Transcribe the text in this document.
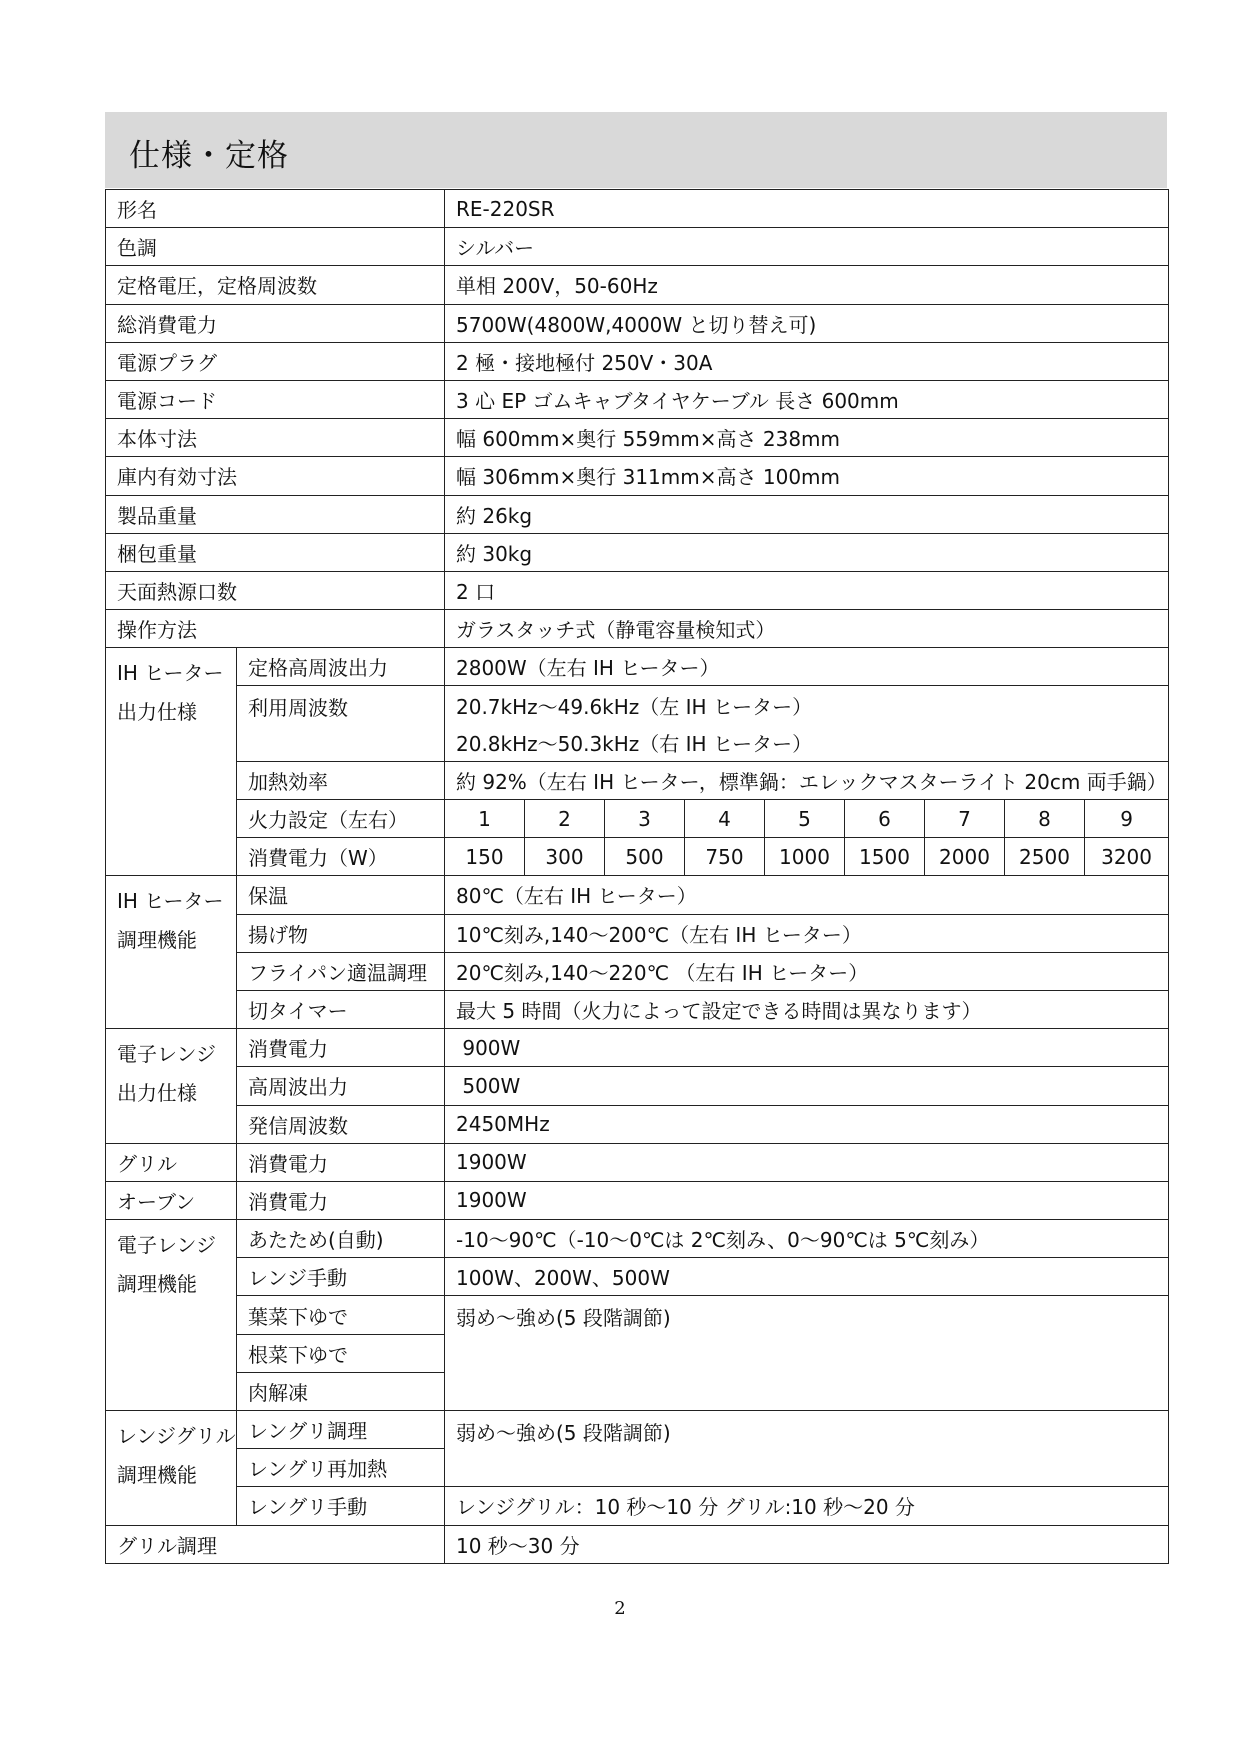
仕様・定格
形名		RE-220SR								
色調		シルバー								
定格電圧，定格周波数		単相 200V，50-60Hz								
総消費電力		5700W(4800W,4000W と切り替え可)								
電源プラグ		2 極・接地極付 250V・30A								
電源コード		3 心 EP ゴムキャブタイヤケーブル 長さ 600mm								
本体寸法		幅 600mm×奥行 559mm×高さ 238mm								
庫内有効寸法		幅 306mm×奥行 311mm×高さ 100mm								
製品重量		約 26kg								
梱包重量		約 30kg								
天面熱源口数		2 口								
操作方法		ガラスタッチ式（静電容量検知式）								

IH ヒーター
出力仕様	定格高周波出力	2800W（左右 IH ヒーター）								
	利用周波数	20.7kHz～49.6kHz（左 IH ヒーター）								
		20.8kHz～50.3kHz（右 IH ヒーター）								
	加熱効率	約 92%（左右 IH ヒーター，標準鍋：エレックマスターライト 20cm 両手鍋）								
	火力設定（左右）	1	2	3	4	5	6	7	8	9
	消費電力（W）	150	300	500	750	1000	1500	2000	2500	3200

IH ヒーター
調理機能	保温	80℃（左右 IH ヒーター）								
	揚げ物	10℃刻み,140～200℃（左右 IH ヒーター）								
	フライパン適温調理	20℃刻み,140～220℃ （左右 IH ヒーター）								
	切タイマー	最大 5 時間（火力によって設定できる時間は異なります）								

電子レンジ
出力仕様	消費電力	900W								
	高周波出力	500W								
	発信周波数	2450MHz								
グリル	消費電力	1900W								
オーブン	消費電力	1900W								

電子レンジ
調理機能	あたため(自動)	-10～90℃（-10～0℃は 2℃刻み、0～90℃は 5℃刻み）								
	レンジ手動	100W、200W、500W								
	葉菜下ゆで	弱め～強め(5 段階調節)								
	根菜下ゆで									
	肉解凍									

レンジグリル
調理機能	レングリ調理	弱め～強め(5 段階調節)								
	レングリ再加熱									
	レングリ手動	レンジグリル：10 秒～10 分 グリル:10 秒～20 分								
グリル調理		10 秒～30 分								
2
